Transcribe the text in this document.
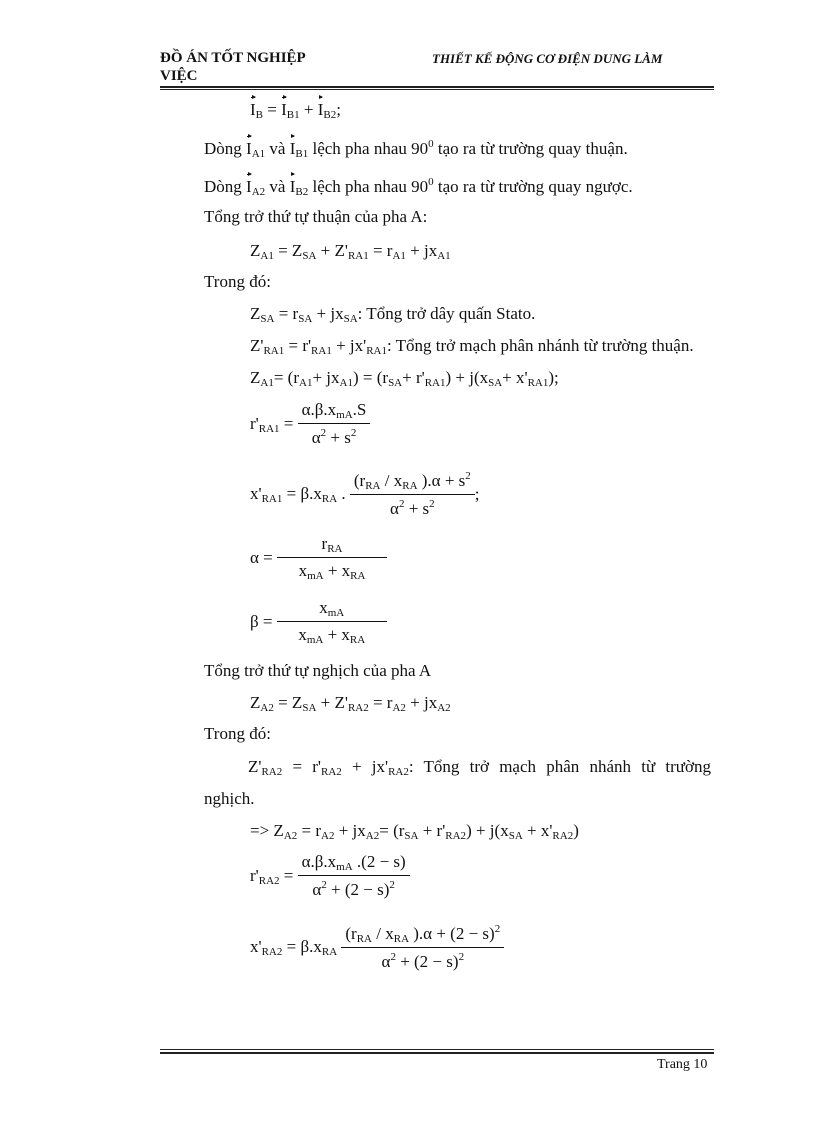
ĐỒ ÁN TỐT NGHIỆP
VIỆC
THIẾT KẾ ĐỘNG CƠ ĐIỆN DUNG LÀM
$I_B = I_{B1} + I_{B2}$;
Dòng $I_{A1}$ và $I_{B1}$ lệch pha nhau $90^0$ tạo ra từ trường quay thuận.
Dòng $I_{A2}$ và $I_{B2}$ lệch pha nhau $90^0$ tạo ra từ trường quay ngược.
Tổng trở thứ tự thuận của pha A:
$Z_{A1} = Z_{SA} + Z'_{RA1} = r_{A1} + jx_{A1}$
Trong đó:
$Z_{SA} = r_{SA} + jx_{SA}$: Tổng trở dây quấn Stato.
$Z'_{RA1} = r'_{RA1} + jx'_{RA1}$: Tổng trở mạch phân nhánh từ trường thuận.
$Z_{A1}= (r_{A1}+ jx_{A1}) = (r_{SA}+ r'_{RA1}) + j(x_{SA}+ x'_{RA1})$;
$r'_{RA1} = \frac{\alpha.\beta.x_{mA}.S}{\alpha^2 + s^2}$
$x'_{RA1} = \beta.x_{RA}$ . $\frac{(r_{RA} / x_{RA} ).\alpha + s^2}{\alpha^2 + s^2}$ ;
$\alpha = \frac{r_{RA}}{x_{mA} + x_{RA}}$
$\beta = \frac{x_{mA}}{x_{mA} + x_{RA}}$
Tổng trở thứ tự nghịch của pha A
$Z_{A2} = Z_{SA} + Z'_{RA2} = r_{A2} + jx_{A2}$
Trong đó:
$Z'_{RA2} = r'_{RA2} + jx'_{RA2}$: Tổng trở mạch phân nhánh từ trường
nghịch.
=> $Z_{A2} = r_{A2} + jx_{A2}= (r_{SA} + r'_{RA2}) + j(x_{SA} + x'_{RA2})$
$r'_{RA2} = \frac{\alpha.\beta.x_{mA} .(2 - s)}{\alpha^2 + (2 - s)^2}$
$x'_{RA2} = \beta.x_{RA} \frac{(r_{RA} / x_{RA} ).\alpha + (2 - s)^2}{\alpha^2 + (2 - s)^2}$
Trang 10
